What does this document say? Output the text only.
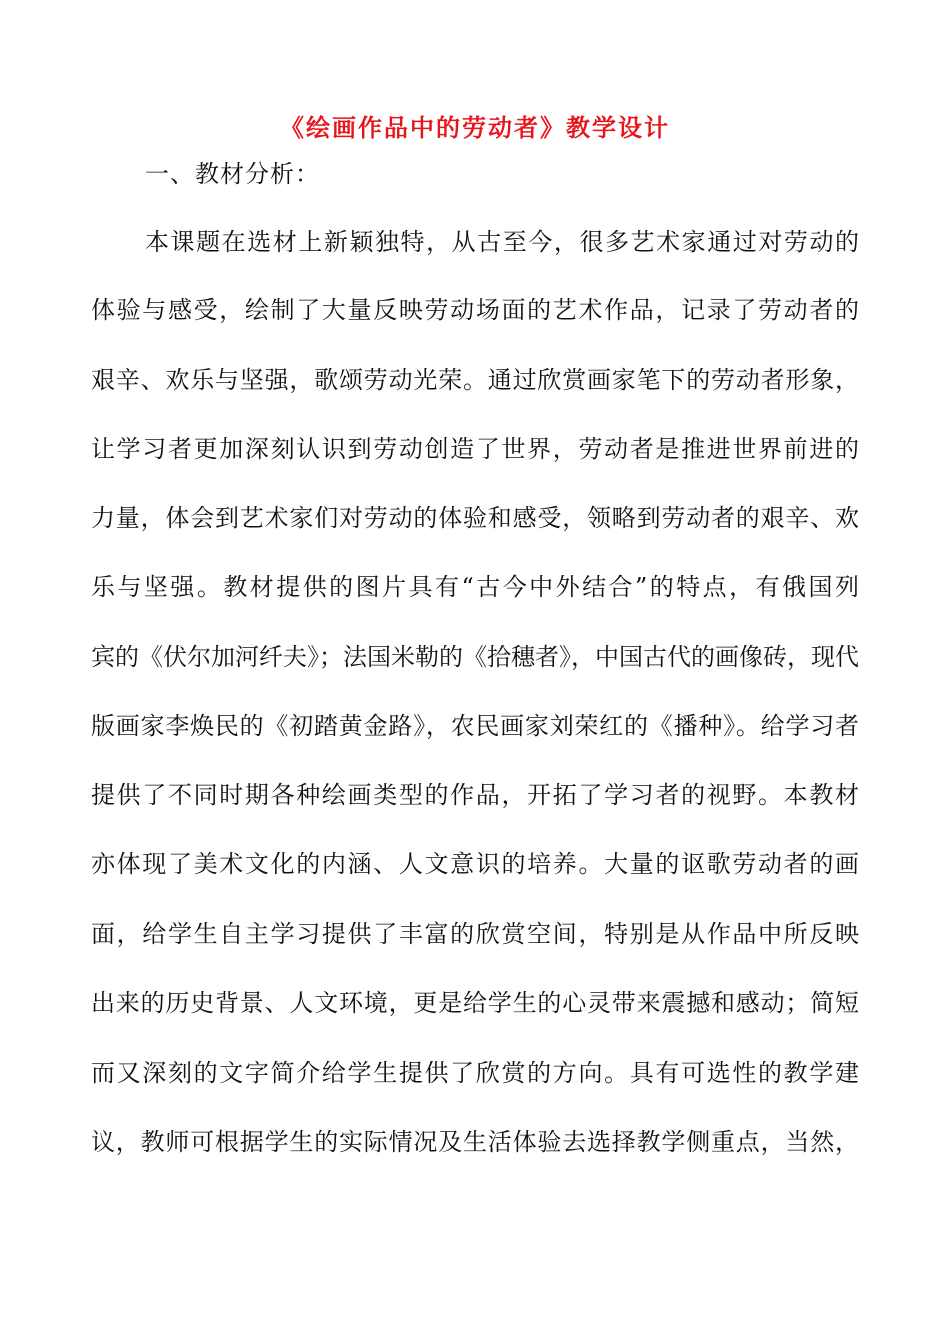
《绘画作品中的劳动者》教学设计
一、教材分析：
本课题在选材上新颖独特，从古至今，很多艺术家通过对劳动的
体验与感受，绘制了大量反映劳动场面的艺术作品，记录了劳动者的
艰辛、欢乐与坚强，歌颂劳动光荣。通过欣赏画家笔下的劳动者形象，
让学习者更加深刻认识到劳动创造了世界，劳动者是推进世界前进的
力量，体会到艺术家们对劳动的体验和感受，领略到劳动者的艰辛、欢
乐与坚强。教材提供的图片具有“古今中外结合”的特点，有俄国列
宾的《伏尔加河纤夫》；法国米勒的《拾穗者》，中国古代的画像砖，现代
版画家李焕民的《初踏黄金路》，农民画家刘荣红的《播种》。给学习者
提供了不同时期各种绘画类型的作品，开拓了学习者的视野。本教材
亦体现了美术文化的内涵、人文意识的培养。大量的讴歌劳动者的画
面，给学生自主学习提供了丰富的欣赏空间，特别是从作品中所反映
出来的历史背景、人文环境，更是给学生的心灵带来震撼和感动；简短
而又深刻的文字简介给学生提供了欣赏的方向。具有可选性的教学建
议，教师可根据学生的实际情况及生活体验去选择教学侧重点，当然，
